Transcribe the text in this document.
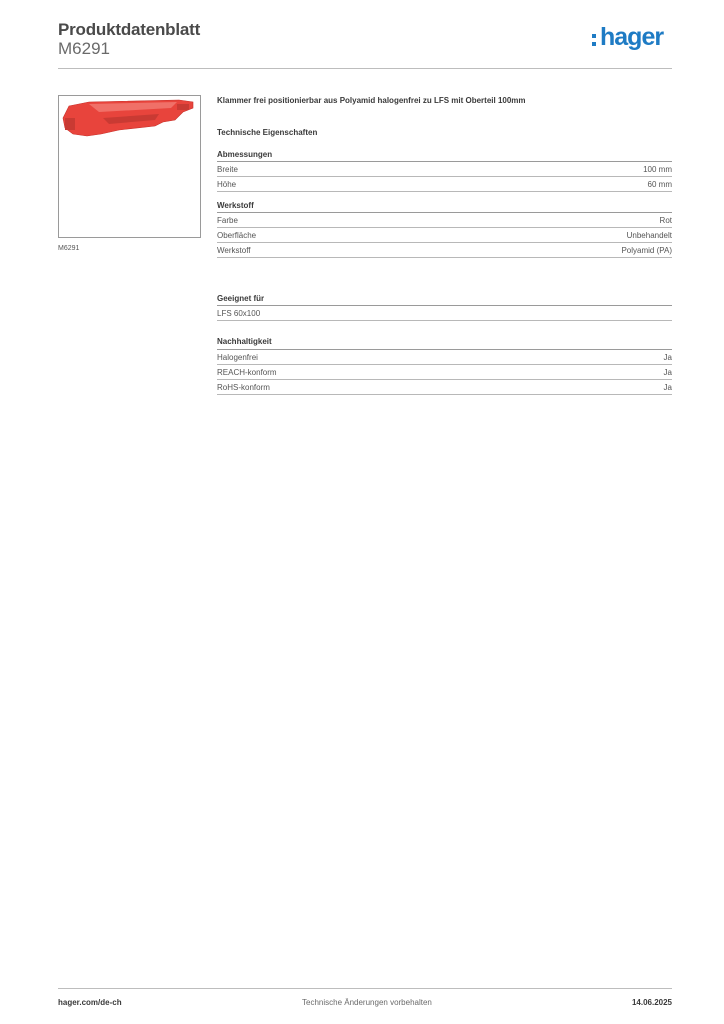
Produktdatenblatt
M6291	hager
M6291

Klammer frei positionierbar aus Polyamid halogenfrei zu LFS mit Oberteil 100mm

Technische Eigenschaften

Abmessungen
Breite	100 mm
Höhe	60 mm
Werkstoff
Farbe	Rot
Oberfläche	Unbehandelt
Werkstoff	Polyamid (PA)
Geeignet für
LFS 60x100
Nachhaltigkeit
Halogenfrei	Ja
REACH-konform	Ja
RoHS-konform	Ja
hager.com/de-ch	Technische Änderungen vorbehalten	14.06.2025
